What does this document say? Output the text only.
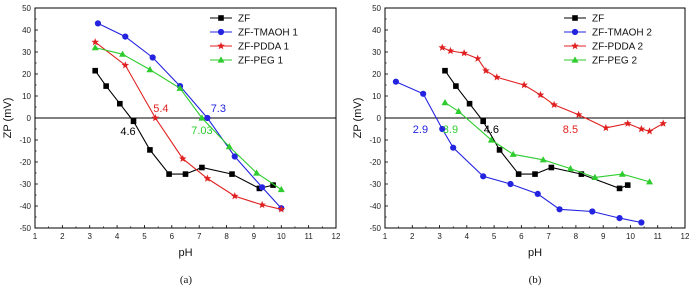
1	2	3	4	5	6	7	8	9	10 11 12
-50
-40
-30
-20
-10
0
10
20
30
40
50
pH
ZP (mV)	4.6
5.4	7.3
7.03
ZF
ZF-TMAOH 1
ZF-PDDA 1
ZF-PEG 1
(a)
1	2	3	4	5	6	7	8	9	10 11 12
-50
-40
-30
-20
-10
0
10
20
30
40
50
pH
ZP (mV)	2.9 3.9 4.6	8.5
ZF
ZF-TMAOH 2
ZF-PDDA 2
ZF-PEG 2
(b)
